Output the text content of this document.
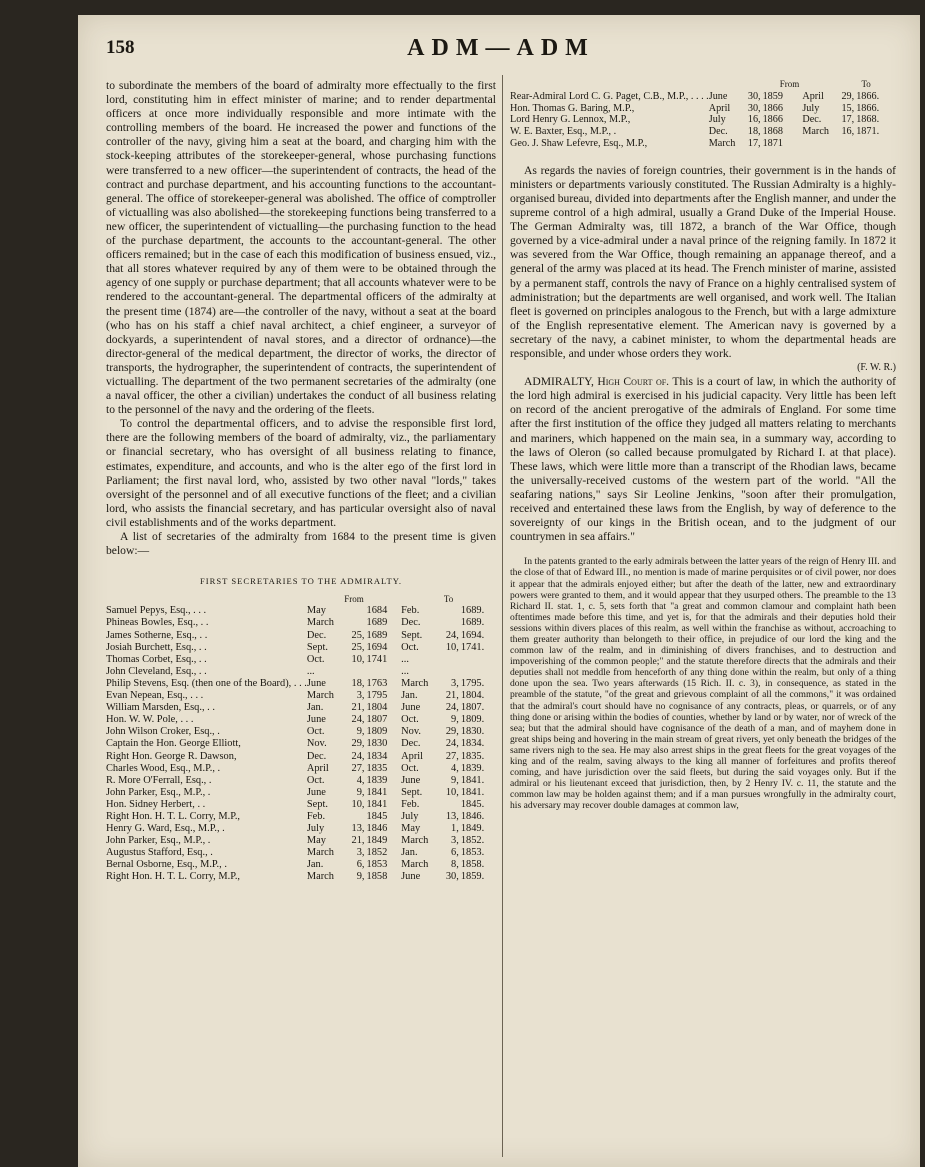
158	ADM—ADM

to subordinate the members of the board of admiralty more effectually to the first lord, constituting him in effect minister of marine; and to render departmental officers at once more individually responsible and more intimate with the controlling members of the board. He increased the power and functions of the controller of the navy, giving him a seat at the board, and charging him with the stock-keeping attributes of the storekeeper-general, whose purchasing functions were transferred to a new officer—the superintendent of contracts, the head of the contract and purchase department, and his accounting functions to the accountant-general. The office of storekeeper-general was abolished. The office of comptroller of victualling was also abolished—the storekeeping functions being transferred to a new officer, the superintendent of victualling—the purchasing function to the head of the purchase department, the accounts to the accountant-general. The other officers remained; but in the case of each this modification of business ensued, viz., that all stores whatever required by any of them were to be obtained through the agency of one supply or purchase department; that all accounts whatever were to be rendered to the accountant-general. The departmental officers of the admiralty at the present time (1874) are—the controller of the navy, without a seat at the board (who has on his staff a chief naval architect, a chief engineer, a surveyor of dockyards, a superintendent of naval stores, and a director of ordnance)—the director-general of the medical department, the director of works, the director of transports, the hydrographer, the superintendent of contracts, the superintendent of victualling. The department of the two permanent secretaries of the admiralty (one a naval officer, the other a civilian) undertakes the conduct of all business relating to the personnel of the navy and the ordering of the fleets.

To control the departmental officers, and to advise the responsible first lord, there are the following members of the board of admiralty, viz., the parliamentary or financial secretary, who has oversight of all business relating to finance, estimates, expenditure, and accounts, and who is the alter ego of the first lord in Parliament; the first naval lord, who, assisted by two other naval "lords," takes oversight of the personnel and of all executive functions of the fleet; and a civilian lord, who assists the financial secretary, and has particular oversight also of naval civil establishments and of the works department.

A list of secretaries of the admiralty from 1684 to the present time is given below:—

FIRST SECRETARIES TO THE ADMIRALTY.
	From			To		
Samuel Pepys, Esq., . . .	May		1684	Feb.		1689.
Phineas Bowles, Esq., . .	March		1689	Dec.		1689.
James Sotherne, Esq., . .	Dec.	25,	1689	Sept.	24,	1694.
Josiah Burchett, Esq., . .	Sept.	25,	1694	Oct.	10,	1741.
Thomas Corbet, Esq., . .	Oct.	10,	1741	...		
John Cleveland, Esq., . .	...			...		
Philip Stevens, Esq. (then one of the Board), . . .	June	18,	1763	March	3,	1795.
Evan Nepean, Esq., . . .	March	3,	1795	Jan.	21,	1804.
William Marsden, Esq., . .	Jan.	21,	1804	June	24,	1807.
Hon. W. W. Pole, . . .	June	24,	1807	Oct.	9,	1809.
John Wilson Croker, Esq., .	Oct.	9,	1809	Nov.	29,	1830.
Captain the Hon. George Elliott,	Nov.	29,	1830	Dec.	24,	1834.
Right Hon. George R. Dawson,	Dec.	24,	1834	April	27,	1835.
Charles Wood, Esq., M.P., .	April	27,	1835	Oct.	4,	1839.
R. More O'Ferrall, Esq., .	Oct.	4,	1839	June	9,	1841.
John Parker, Esq., M.P., .	June	9,	1841	Sept.	10,	1841.
Hon. Sidney Herbert, . .	Sept.	10,	1841	Feb.		1845.
Right Hon. H. T. L. Corry, M.P.,	Feb.		1845	July	13,	1846.
Henry G. Ward, Esq., M.P., .	July	13,	1846	May	1,	1849.
John Parker, Esq., M.P., .	May	21,	1849	March	3,	1852.
Augustus Stafford, Esq., .	March	3,	1852	Jan.	6,	1853.
Bernal Osborne, Esq., M.P., .	Jan.	6,	1853	March	8,	1858.
Right Hon. H. T. L. Corry, M.P.,	March	9,	1858	June	30,	1859.
		From			To	
Rear-Admiral Lord C. G. Paget, C.B., M.P., . . . .	June	30,	1859	April	29,	1866.
Hon. Thomas G. Baring, M.P.,	April	30,	1866	July	15,	1866.
Lord Henry G. Lennox, M.P.,	July	16,	1866	Dec.	17,	1868.
W. E. Baxter, Esq., M.P., .	Dec.	18,	1868	March	16,	1871.
Geo. J. Shaw Lefevre, Esq., M.P.,	March	17,	1871			

As regards the navies of foreign countries, their government is in the hands of ministers or departments variously constituted. The Russian Admiralty is a highly-organised bureau, divided into departments after the English manner, and under the supreme control of a high admiral, usually a Grand Duke of the Imperial House. The German Admiralty was, till 1872, a branch of the War Office, though governed by a vice-admiral under a naval prince of the reigning family. In 1872 it was severed from the War Office, though remaining an appanage thereof, and a general of the army was placed at its head. The French minister of marine, assisted by a permanent staff, controls the navy of France on a highly centralised system of administration; but the departments are well organised, and work well. The Italian fleet is governed on principles analogous to the French, but with a large admixture of the English representative element. The American navy is governed by a secretary of the navy, a cabinet minister, to whom the departmental heads are responsible, and under whose orders they work.

(F. W. R.)

ADMIRALTY, High Court of. This is a court of law, in which the authority of the lord high admiral is exercised in his judicial capacity. Very little has been left on record of the ancient prerogative of the admirals of England. For some time after the first institution of the office they judged all matters relating to merchants and mariners, which happened on the main sea, in a summary way, according to the laws of Oleron (so called because promulgated by Richard I. at that place). These laws, which were little more than a transcript of the Rhodian laws, became the universally-received customs of the western part of the world. "All the seafaring nations," says Sir Leoline Jenkins, "soon after their promulgation, received and entertained these laws from the English, by way of deference to the sovereignty of our kings in the British ocean, and to the judgment of our countrymen in sea affairs."

In the patents granted to the early admirals between the latter years of the reign of Henry III. and the close of that of Edward III., no mention is made of marine perquisites or of civil power, nor does it appear that the admirals enjoyed either; but after the death of the latter, new and extraordinary powers were granted to them, and it would appear that they usurped others. The preamble to the 13 Richard II. stat. 1, c. 5, sets forth that "a great and common clamour and complaint hath been oftentimes made before this time, and yet is, for that the admirals and their deputies hold their sessions within divers places of this realm, as well within the franchise as without, accroaching to them greater authority than belongeth to their office, in prejudice of our lord the king and the common law of the realm, and in diminishing of divers franchises, and to destruction and impoverishing of the common people;" and the statute therefore directs that the admirals and their deputies shall not meddle from henceforth of any thing done within the realm, but only of a thing done upon the sea. Two years afterwards (15 Rich. II. c. 3), in consequence, as stated in the preamble of the statute, "of the great and grievous complaint of all the commons," it was ordained that the admiral's court should have no cognisance of any contracts, pleas, or quarrels, or of any thing done or arising within the bodies of counties, whether by land or by water, nor of wreck of the sea; but that the admiral should have cognisance of the death of a man, and of mayhem done in great ships being and hovering in the main stream of great rivers, yet only beneath the bridges of the same rivers nigh to the sea. He may also arrest ships in the great fleets for the great voyages of the king and of the realm, saving always to the king all manner of forfeitures and profits thereof coming, and have jurisdiction over the said fleets, but during the said voyages only. But if the admiral or his lieutenant exceed that jurisdiction, then, by 2 Henry IV. c. 11, the statute and the common law may be holden against them; and if a man pursues wrongfully in the admiralty court, his adversary may recover double damages at common law,
